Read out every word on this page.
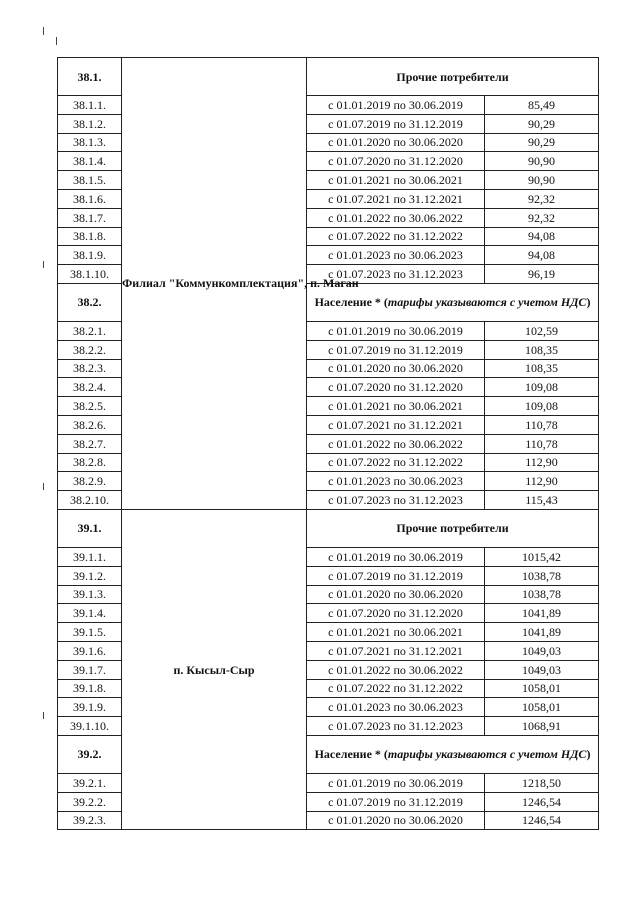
38.1.	Филиал "Коммункомплектация", п. Маган	Прочие потребители	
38.1.1.		с 01.01.2019 по 30.06.2019	85,49
38.1.2.		с 01.07.2019 по 31.12.2019	90,29
38.1.3.		с 01.01.2020 по 30.06.2020	90,29
38.1.4.		с 01.07.2020 по 31.12.2020	90,90
38.1.5.		с 01.01.2021 по 30.06.2021	90,90
38.1.6.		с 01.07.2021 по 31.12.2021	92,32
38.1.7.		с 01.01.2022 по 30.06.2022	92,32
38.1.8.		с 01.07.2022 по 31.12.2022	94,08
38.1.9.		с 01.01.2023 по 30.06.2023	94,08
38.1.10.		с 01.07.2023 по 31.12.2023	96,19
38.2.		Население * (тарифы указываются с учетом НДС)	
38.2.1.		с 01.01.2019 по 30.06.2019	102,59
38.2.2.		с 01.07.2019 по 31.12.2019	108,35
38.2.3.		с 01.01.2020 по 30.06.2020	108,35
38.2.4.		с 01.07.2020 по 31.12.2020	109,08
38.2.5.		с 01.01.2021 по 30.06.2021	109,08
38.2.6.		с 01.07.2021 по 31.12.2021	110,78
38.2.7.		с 01.01.2022 по 30.06.2022	110,78
38.2.8.		с 01.07.2022 по 31.12.2022	112,90
38.2.9.		с 01.01.2023 по 30.06.2023	112,90
38.2.10.		с 01.07.2023 по 31.12.2023	115,43
39.1.	п. Кысыл-Сыр	Прочие потребители	
39.1.1.		с 01.01.2019 по 30.06.2019	1015,42
39.1.2.		с 01.07.2019 по 31.12.2019	1038,78
39.1.3.		с 01.01.2020 по 30.06.2020	1038,78
39.1.4.		с 01.07.2020 по 31.12.2020	1041,89
39.1.5.		с 01.01.2021 по 30.06.2021	1041,89
39.1.6.		с 01.07.2021 по 31.12.2021	1049,03
39.1.7.		с 01.01.2022 по 30.06.2022	1049,03
39.1.8.		с 01.07.2022 по 31.12.2022	1058,01
39.1.9.		с 01.01.2023 по 30.06.2023	1058,01
39.1.10.		с 01.07.2023 по 31.12.2023	1068,91
39.2.		Население * (тарифы указываются с учетом НДС)	
39.2.1.		с 01.01.2019 по 30.06.2019	1218,50
39.2.2.		с 01.07.2019 по 31.12.2019	1246,54
39.2.3.		с 01.01.2020 по 30.06.2020	1246,54
